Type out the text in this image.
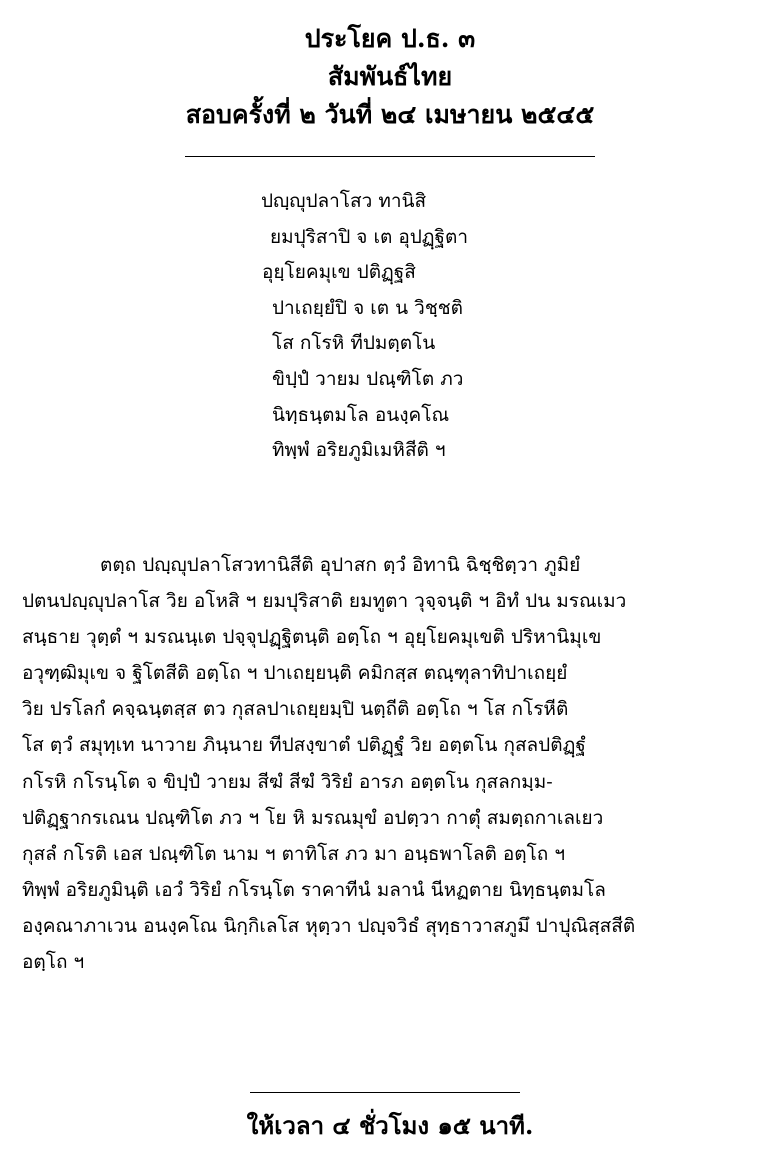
ประโยค ป.ธ. ๓
สัมพันธ์ไทย
สอบครั้งที่ ๒ วันที่ ๒๔ เมษายน ๒๕๔๕
ปญฺญุปลาโสว ทานิสิ
ยมปุริสาปิ จ เต อุปฏฺฐิตา
อุยฺโยคมุเข ปติฏฺฐสิ
ปาเถยฺยํปิ จ เต น วิชฺชติ
โส กโรหิ ทีปมตฺตโน
ขิปฺปํ วายม ปณฺฑิโต ภว
นิทฺธนฺตมโล อนงฺคโณ
ทิพฺพํ อริยภูมิเมหิสีติ ฯ
ตตฺถ ปญฺญุปลาโสวทานิสีติ อุปาสก ตฺวํ อิทานิ ฉิชฺชิตฺวา ภูมิยํ
ปตนปญฺญุปลาโส วิย อโหสิ ฯ ยมปุริสาติ ยมทูตา วุจฺจนฺติ ฯ อิทํ ปน มรณเมว
สนฺธาย วุตฺตํ ฯ มรณนฺเต ปจฺจุปฏฺฐิตนฺติ อตฺโถ ฯ อุยฺโยคมุเขติ ปริหานิมุเข
อวุฑฺฒิมุเข จ ฐิโตสีติ อตฺโถ ฯ ปาเถยฺยนฺติ คมิกสฺส ตณฺฑุลาทิปาเถยฺยํ
วิย ปรโลกํ คจฺฉนฺตสฺส ตว กุสลปาเถยฺยมฺปิ นตฺถีติ อตฺโถ ฯ โส กโรหีติ
โส ตฺวํ สมุทฺเท นาวาย ภินฺนาย ทีปสงฺขาตํ ปติฏฺฐํ วิย อตฺตโน กุสลปติฏฺฐํ
กโรหิ กโรนฺโต จ ขิปฺปํ วายม สีฆํ สีฆํ วิริยํ อารภ อตฺตโน กุสลกมฺม-
ปติฏฺฐากรเณน ปณฺฑิโต ภว ฯ โย หิ มรณมุขํ อปตฺวา กาตุํ สมตฺถกาเลเยว
กุสลํ กโรติ เอส ปณฺฑิโต นาม ฯ ตาทิโส ภว มา อนฺธพาโลติ อตฺโถ ฯ
ทิพฺพํ อริยภูมินฺติ เอวํ วิริยํ กโรนฺโต ราคาทีนํ มลานํ นีหฏตาย นิทฺธนฺตมโล
องฺคณาภาเวน อนงฺคโณ นิกฺกิเลโส หุตฺวา ปญฺจวิธํ สุทฺธาวาสภูมึ ปาปุณิสฺสสีติ
อตฺโถ ฯ
ให้เวลา ๔ ชั่วโมง ๑๕ นาที.
